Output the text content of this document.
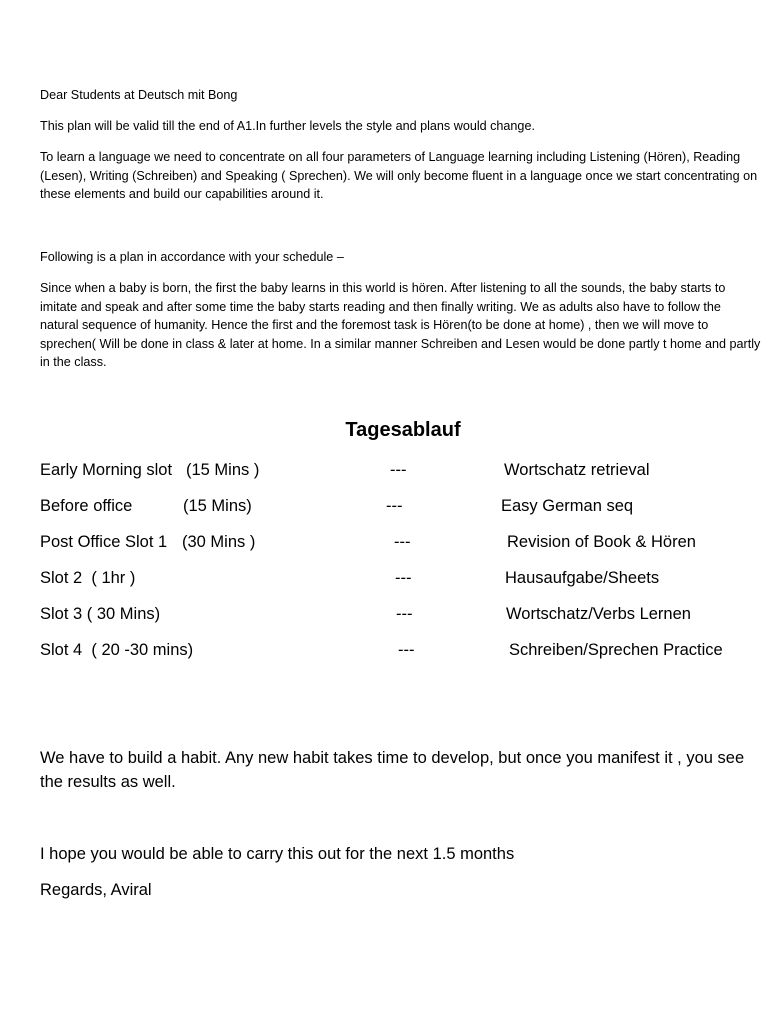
Dear Students at Deutsch mit Bong

This plan will be valid till the end of A1.In further levels the style and plans would change.

To learn a language we need to concentrate on all four parameters of Language learning including Listening (Hören), Reading (Lesen), Writing (Schreiben) and Speaking ( Sprechen). We will only become fluent in a language once we start concentrating on these elements and build our capabilities around it.

Following is a plan in accordance with your schedule –

Since when a baby is born, the first the baby learns in this world is hören. After listening to all the sounds, the baby starts to imitate and speak and after some time the baby starts reading and then finally writing. We as adults also have to follow the natural sequence of humanity. Hence the first and the foremost task is Hören(to be done at home) , then we will move to sprechen( Will be done in class & later at home. In a similar manner Schreiben and Lesen would be done partly t home and partly in the class.

Tagesablauf
Early Morning slot (15 Mins )	---	Wortschatz retrieval
Before office	(15 Mins)	---	Easy German seq
Post Office Slot 1 (30 Mins )	---	Revision of Book & Hören
Slot 2  ( 1hr )	---	Hausaufgabe/Sheets
Slot 3 ( 30 Mins)	---	Wortschatz/Verbs Lernen
Slot 4  ( 20 -30 mins)	---	Schreiben/Sprechen Practice

We have to build a habit. Any new habit takes time to develop, but once you manifest it , you see the results as well.

I hope you would be able to carry this out for the next 1.5 months

Regards, Aviral
